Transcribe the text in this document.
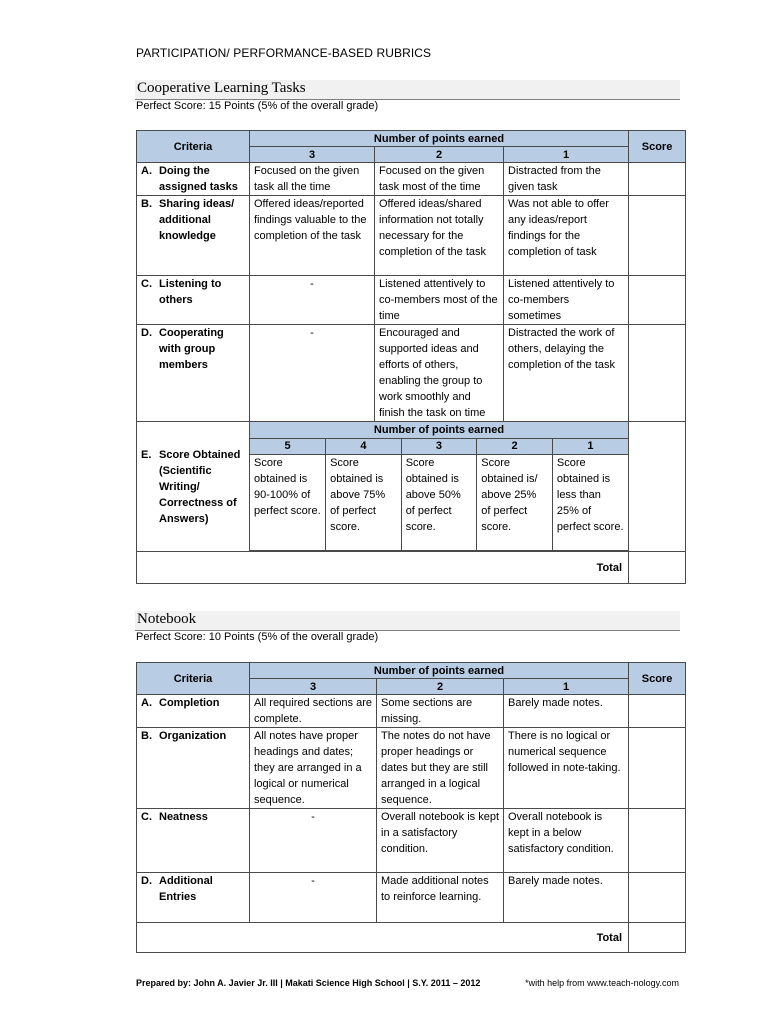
PARTICIPATION/ PERFORMANCE-BASED RUBRICS
Cooperative Learning Tasks
Perfect Score: 15 Points (5% of the overall grade)
Criteria	Number of points earned	Score
3	2	1

A. Doing the assigned tasks
	Focused on the given task all the time	Focused on the given task most of the time	Distracted from the given task	

B. Sharing ideas/ additional knowledge
	Offered ideas/reported findings valuable to the completion of the task	Offered ideas/shared information not totally necessary for the completion of the task	Was not able to offer any ideas/report findings for the completion of task	

C. Listening to others
	-	Listened attentively to co-members most of the time	Listened attentively to co-members sometimes	

D. Cooperating with group members
	-	Encouraged and supported ideas and efforts of others, enabling the group to work smoothly and finish the task on time	Distracted the work of others, delaying the completion of the task	

E. Score Obtained (Scientific Writing/ Correctness of Answers)

Number of points earned
5	4	3	2	1
Score obtained is 90-100% of perfect score.	Score obtained is above 75% of perfect score.	Score obtained is above 50% of perfect score.	Score obtained is/ above 25% of perfect score.	Score obtained is less than 25% of perfect score.

Total	
Notebook
Perfect Score: 10 Points (5% of the overall grade)
Criteria	Number of points earned			Score
	3	2	1	

A. Completion	All required sections are complete.	Some sections are missing.	Barely made notes.	

B. Organization	All notes have proper headings and dates; they are arranged in a logical or numerical sequence.	The notes do not have proper headings or dates but they are still arranged in a logical sequence.	There is no logical or numerical sequence followed in note-taking.	

C. Neatness	-	Overall notebook is kept in a satisfactory condition.	Overall notebook is kept in a below satisfactory condition.	

D. Additional Entries	-	Made additional notes to reinforce learning.	Barely made notes.	
Total				
Prepared by: John A. Javier Jr. III | Makati Science High School | S.Y. 2011 – 2012	*with help from www.teach-nology.com
